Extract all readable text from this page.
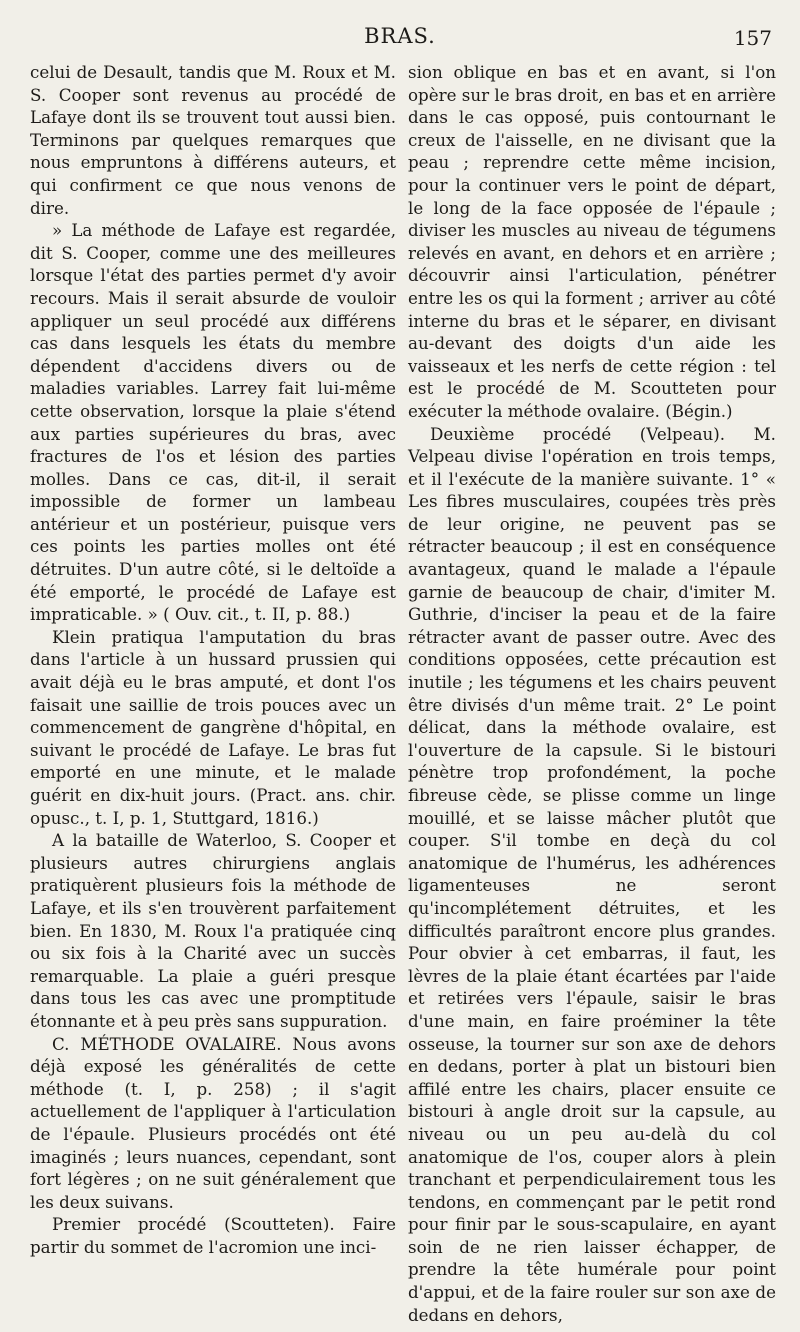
BRAS.	157

celui de Desault, tandis que M. Roux et M. S. Cooper sont revenus au procédé de Lafaye dont ils se trouvent tout aussi bien. Terminons par quelques remarques que nous empruntons à différens auteurs, et qui confirment ce que nous venons de dire.

» La méthode de Lafaye est regardée, dit S. Cooper, comme une des meilleures lorsque l'état des parties permet d'y avoir recours. Mais il serait absurde de vouloir appliquer un seul procédé aux différens cas dans lesquels les états du membre dépendent d'accidens divers ou de maladies variables. Larrey fait lui-même cette observation, lorsque la plaie s'étend aux parties supérieures du bras, avec fractures de l'os et lésion des parties molles. Dans ce cas, dit-il, il serait impossible de former un lambeau antérieur et un postérieur, puisque vers ces points les parties molles ont été détruites. D'un autre côté, si le deltoïde a été emporté, le procédé de Lafaye est impraticable. » ( Ouv. cit., t. II, p. 88.)

Klein pratiqua l'amputation du bras dans l'article à un hussard prussien qui avait déjà eu le bras amputé, et dont l'os faisait une saillie de trois pouces avec un commencement de gangrène d'hôpital, en suivant le procédé de Lafaye. Le bras fut emporté en une minute, et le malade guérit en dix-huit jours. (Pract. ans. chir. opusc., t. I, p. 1, Stuttgard, 1816.)

A la bataille de Waterloo, S. Cooper et plusieurs autres chirurgiens anglais pratiquèrent plusieurs fois la méthode de Lafaye, et ils s'en trouvèrent parfaitement bien. En 1830, M. Roux l'a pratiquée cinq ou six fois à la Charité avec un succès remarquable. La plaie a guéri presque dans tous les cas avec une promptitude étonnante et à peu près sans suppuration.

C. MÉTHODE OVALAIRE. Nous avons déjà exposé les généralités de cette méthode (t. I, p. 258) ; il s'agit actuellement de l'appliquer à l'articulation de l'épaule. Plusieurs procédés ont été imaginés ; leurs nuances, cependant, sont fort légères ; on ne suit généralement que les deux suivans.

Premier procédé (Scoutteten). Faire partir du sommet de l'acromion une inci-

sion oblique en bas et en avant, si l'on opère sur le bras droit, en bas et en arrière dans le cas opposé, puis contournant le creux de l'aisselle, en ne divisant que la peau ; reprendre cette même incision, pour la continuer vers le point de départ, le long de la face opposée de l'épaule ; diviser les muscles au niveau de tégumens relevés en avant, en dehors et en arrière ; découvrir ainsi l'articulation, pénétrer entre les os qui la forment ; arriver au côté interne du bras et le séparer, en divisant au-devant des doigts d'un aide les vaisseaux et les nerfs de cette région : tel est le procédé de M. Scoutteten pour exécuter la méthode ovalaire. (Bégin.)

Deuxième procédé (Velpeau). M. Velpeau divise l'opération en trois temps, et il l'exécute de la manière suivante. 1° « Les fibres musculaires, coupées très près de leur origine, ne peuvent pas se rétracter beaucoup ; il est en conséquence avantageux, quand le malade a l'épaule garnie de beaucoup de chair, d'imiter M. Guthrie, d'inciser la peau et de la faire rétracter avant de passer outre. Avec des conditions opposées, cette précaution est inutile ; les tégumens et les chairs peuvent être divisés d'un même trait. 2° Le point délicat, dans la méthode ovalaire, est l'ouverture de la capsule. Si le bistouri pénètre trop profondément, la poche fibreuse cède, se plisse comme un linge mouillé, et se laisse mâcher plutôt que couper. S'il tombe en deçà du col anatomique de l'humérus, les adhérences ligamenteuses ne seront qu'incomplétement détruites, et les difficultés paraîtront encore plus grandes. Pour obvier à cet embarras, il faut, les lèvres de la plaie étant écartées par l'aide et retirées vers l'épaule, saisir le bras d'une main, en faire proéminer la tête osseuse, la tourner sur son axe de dehors en dedans, porter à plat un bistouri bien affilé entre les chairs, placer ensuite ce bistouri à angle droit sur la capsule, au niveau ou un peu au-delà du col anatomique de l'os, couper alors à plein tranchant et perpendiculairement tous les tendons, en commençant par le petit rond pour finir par le sous-scapulaire, en ayant soin de ne rien laisser échapper, de prendre la tête humérale pour point d'appui, et de la faire rouler sur son axe de dedans en dehors,
